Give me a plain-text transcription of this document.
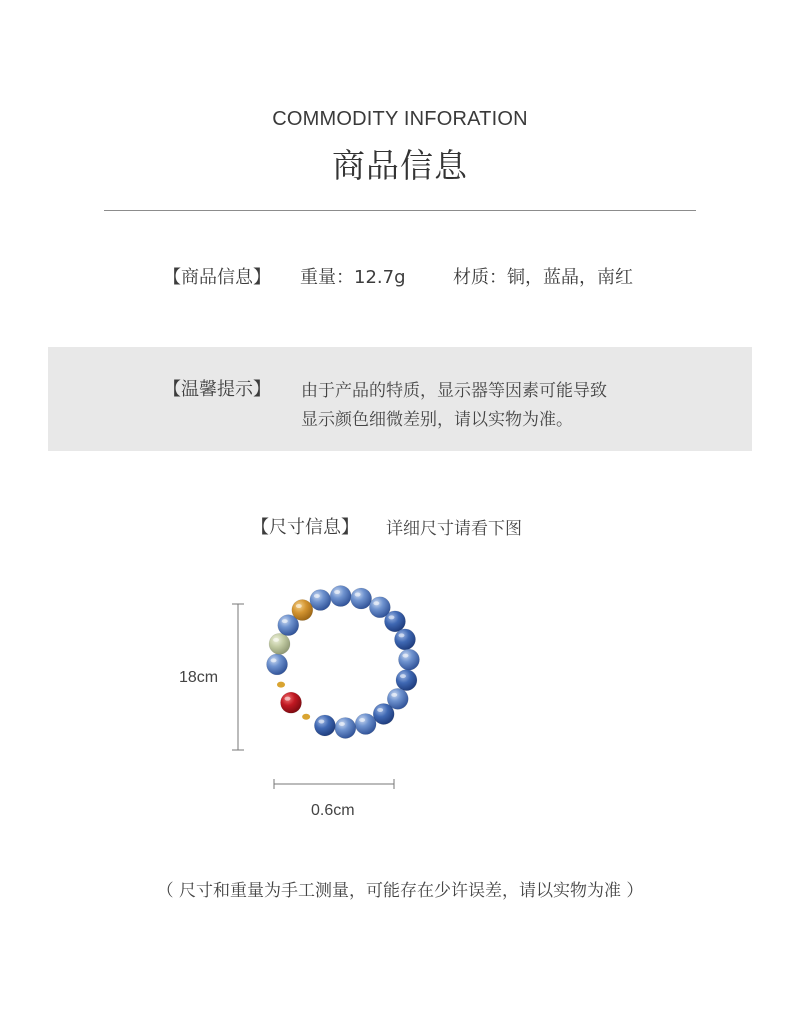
COMMODITY INFORATION
商品信息
【商品信息】 重量：12.7g	材质：铜，蓝晶，南红
【温馨提示】 由于产品的特质，显示器等因素可能导致
显示颜色细微差别，请以实物为准。
【尺寸信息】 详细尺寸请看下图
18cm
0.6cm
（ 尺寸和重量为手工测量，可能存在少许误差，请以实物为准 ）
